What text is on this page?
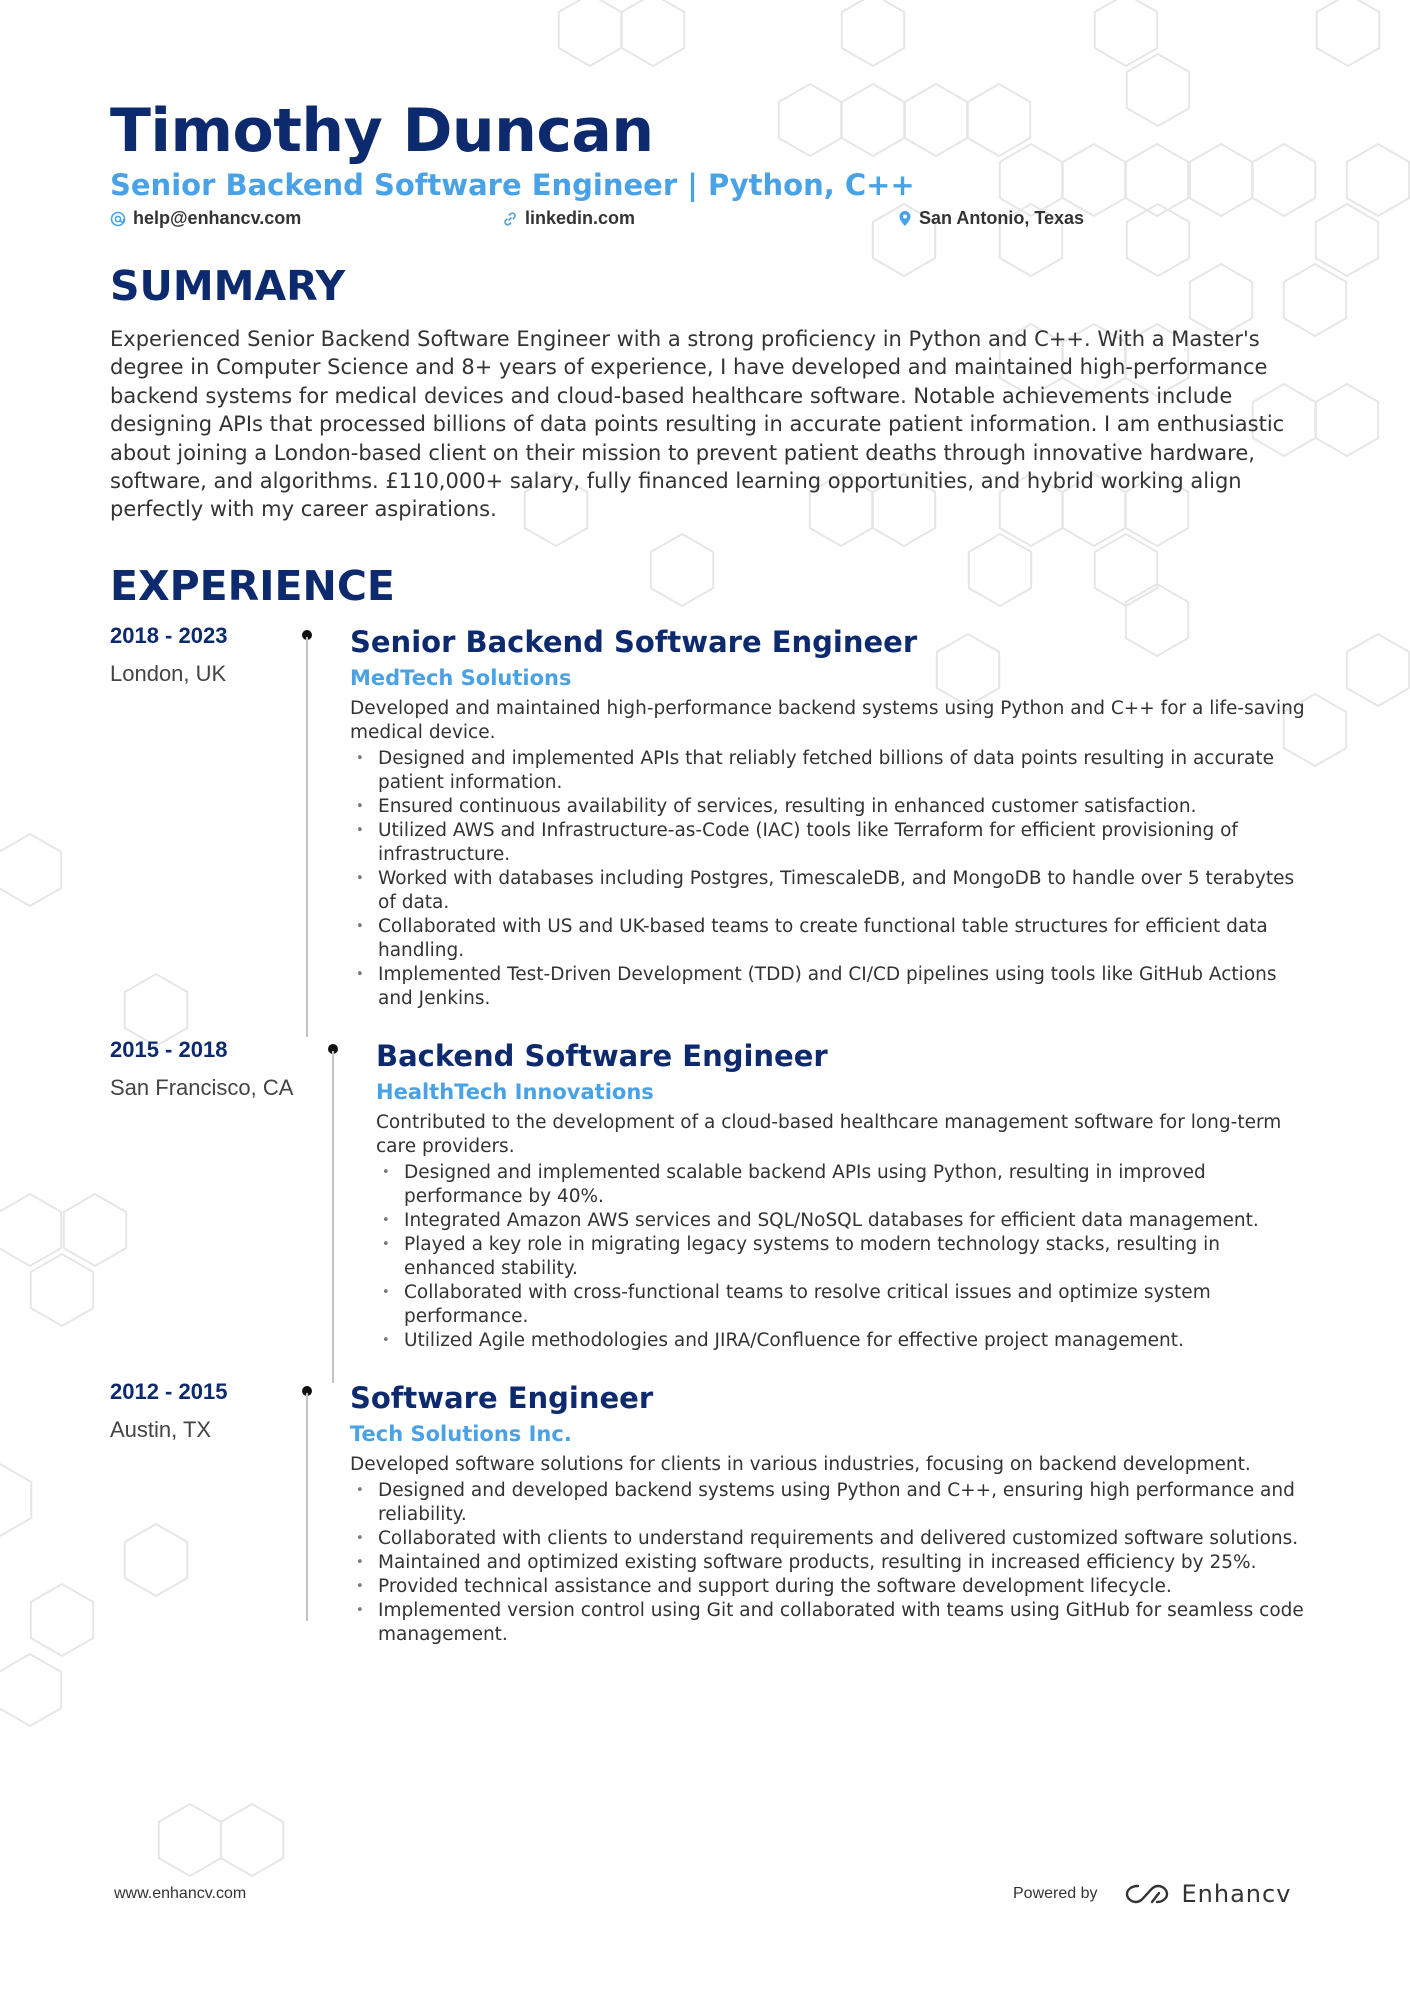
Timothy Duncan
Senior Backend Software Engineer | Python, C++
help@enhancv.com	linkedin.com	San Antonio, Texas
SUMMARY

Experienced Senior Backend Software Engineer with a strong proficiency in Python and C++. With a Master's degree in Computer Science and 8+ years of experience, I have developed and maintained high-performance backend systems for medical devices and cloud-based healthcare software. Notable achievements include designing APIs that processed billions of data points resulting in accurate patient information. I am enthusiastic about joining a London-based client on their mission to prevent patient deaths through innovative hardware, software, and algorithms. £110,000+ salary, fully financed learning opportunities, and hybrid working align perfectly with my career aspirations.

EXPERIENCE
2018 - 2023
London, UK
Senior Backend Software Engineer
MedTech Solutions
Developed and maintained high-performance backend systems using Python and C++ for a life-saving medical device.
• Designed and implemented APIs that reliably fetched billions of data points resulting in accurate patient information.
• Ensured continuous availability of services, resulting in enhanced customer satisfaction.
• Utilized AWS and Infrastructure-as-Code (IAC) tools like Terraform for efficient provisioning of infrastructure.
• Worked with databases including Postgres, TimescaleDB, and MongoDB to handle over 5 terabytes of data.
• Collaborated with US and UK-based teams to create functional table structures for efficient data handling.
• Implemented Test-Driven Development (TDD) and CI/CD pipelines using tools like GitHub Actions and Jenkins.
2015 - 2018
San Francisco, CA
Backend Software Engineer
HealthTech Innovations
Contributed to the development of a cloud-based healthcare management software for long-term care providers.
• Designed and implemented scalable backend APIs using Python, resulting in improved performance by 40%.
• Integrated Amazon AWS services and SQL/NoSQL databases for efficient data management.
• Played a key role in migrating legacy systems to modern technology stacks, resulting in enhanced stability.
• Collaborated with cross-functional teams to resolve critical issues and optimize system performance.
• Utilized Agile methodologies and JIRA/Confluence for effective project management.
2012 - 2015
Austin, TX
Software Engineer
Tech Solutions Inc.
Developed software solutions for clients in various industries, focusing on backend development.
• Designed and developed backend systems using Python and C++, ensuring high performance and reliability.
• Collaborated with clients to understand requirements and delivered customized software solutions.
• Maintained and optimized existing software products, resulting in increased efficiency by 25%.
• Provided technical assistance and support during the software development lifecycle.
• Implemented version control using Git and collaborated with teams using GitHub for seamless code management.
www.enhancv.com	Powered by	Enhancv
